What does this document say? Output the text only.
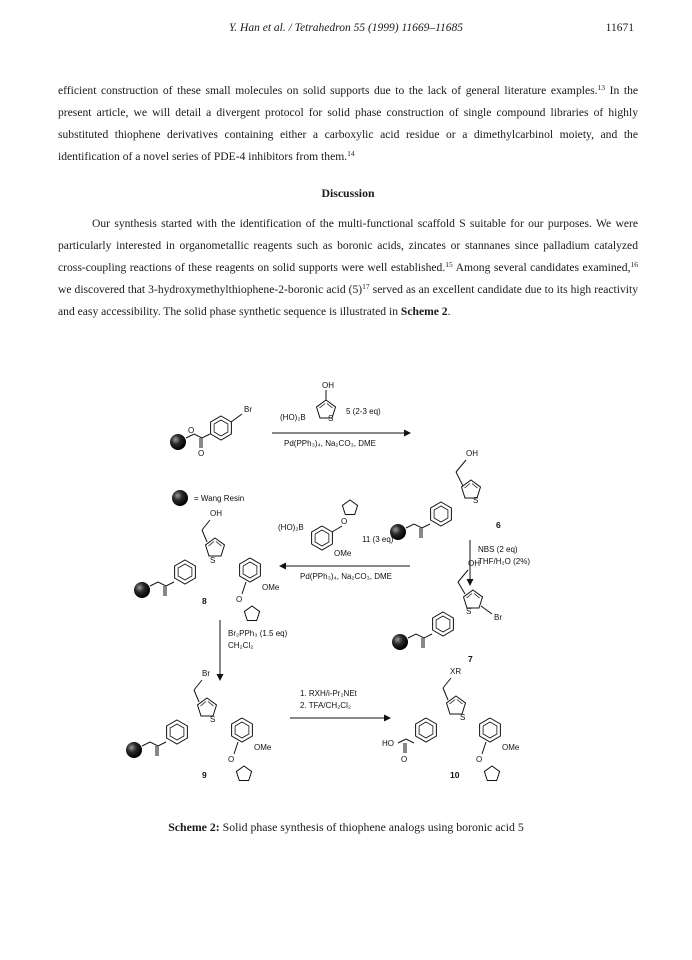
Y. Han et al. / Tetrahedron 55 (1999) 11669–11685	11671

efficient construction of these small molecules on solid supports due to the lack of general literature examples.$^{13}$ In the present article, we will detail a divergent protocol for solid phase construction of single compound libraries of highly substituted thiophene derivatives containing either a carboxylic acid residue or a dimethylcarbinol moiety, and the identification of a novel series of PDE-4 inhibitors from them.$^{14}$

Discussion

Our synthesis started with the identification of the multi-functional scaffold S suitable for our purposes. We were particularly interested in organometallic reagents such as boronic acids, zincates or stannanes since palladium catalyzed cross-coupling reactions of these reagents on solid supports were well established.$^{15}$ Among several candidates examined,$^{16}$ we discovered that 3-hydroxymethylthiophene-2-boronic acid $(5)^{17}$ served as an excellent candidate due to its high reactivity and easy accessibility. The solid phase synthetic sequence is illustrated in Scheme 2.

O
O
Br
= Wang Resin
(HO)₂B
OH
S
5 (2-3 eq)
Pd(PPh₃)₄, Na₂CO₃, DME
OH
S
6
NBS (2 eq)
THF/H₂O (2%)
OH
S
Br
7
(HO)₂B
O
OMe
11 (3 eq)
Pd(PPh₃)₄, Na₂CO₃, DME
OH
S
OMe
O
8
Br₂PPh₃ (1.5 eq)
CH₂Cl₂
Br
S
OMe
O
9
1. RXH/i-Pr₂NEt
2. TFA/CH₂Cl₂
HO
O
XR
S
OMe
O
10
Scheme 2: Solid phase synthesis of thiophene analogs using boronic acid 5
